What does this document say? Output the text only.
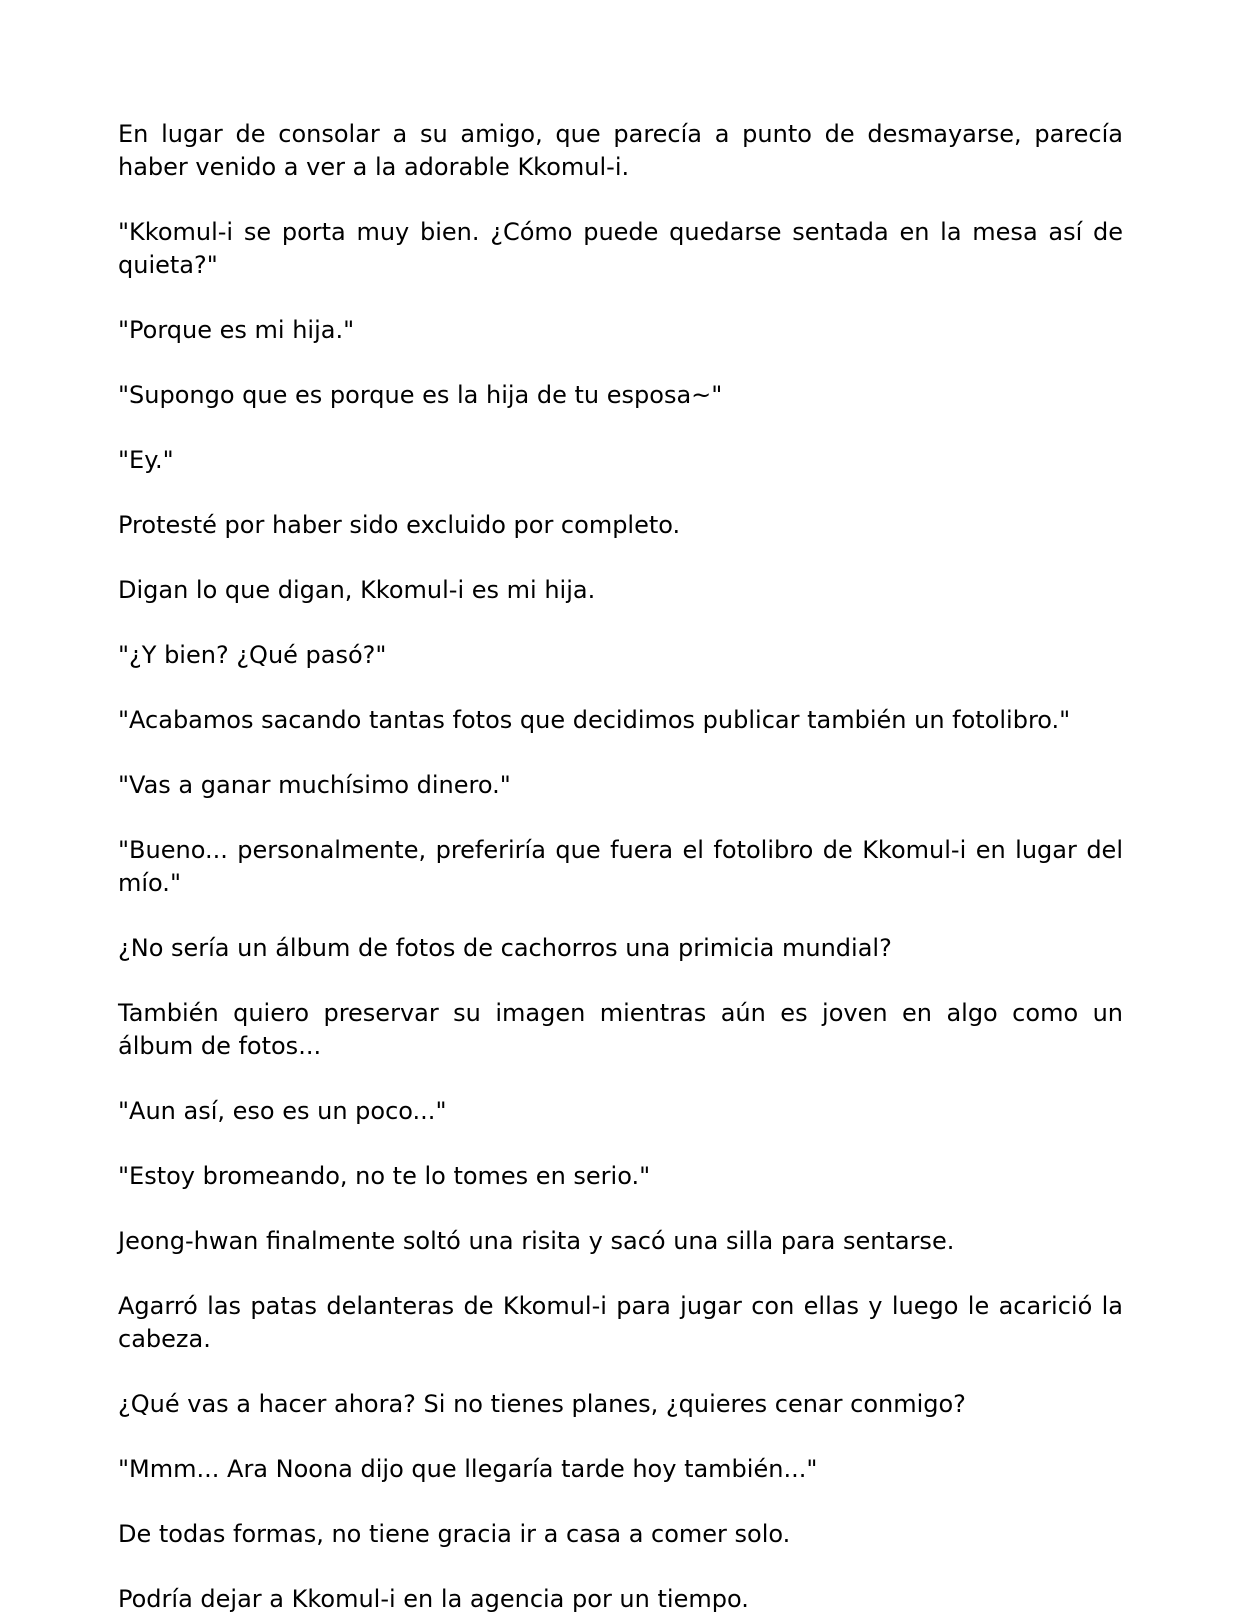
En lugar de consolar a su amigo, que parecía a punto de desmayarse, parecía haber venido a ver a la adorable Kkomul-i.

"Kkomul-i se porta muy bien. ¿Cómo puede quedarse sentada en la mesa así de quieta?"

"Porque es mi hija."

"Supongo que es porque es la hija de tu esposa~"

"Ey."

Protesté por haber sido excluido por completo.

Digan lo que digan, Kkomul-i es mi hija.

"¿Y bien? ¿Qué pasó?"

"Acabamos sacando tantas fotos que decidimos publicar también un fotolibro."

"Vas a ganar muchísimo dinero."

"Bueno... personalmente, preferiría que fuera el fotolibro de Kkomul-i en lugar del mío."

¿No sería un álbum de fotos de cachorros una primicia mundial?

También quiero preservar su imagen mientras aún es joven en algo como un álbum de fotos...

"Aun así, eso es un poco..."

"Estoy bromeando, no te lo tomes en serio."

Jeong-hwan finalmente soltó una risita y sacó una silla para sentarse.

Agarró las patas delanteras de Kkomul-i para jugar con ellas y luego le acarició la cabeza.

¿Qué vas a hacer ahora? Si no tienes planes, ¿quieres cenar conmigo?

"Mmm... Ara Noona dijo que llegaría tarde hoy también..."

De todas formas, no tiene gracia ir a casa a comer solo.

Podría dejar a Kkomul-i en la agencia por un tiempo.
